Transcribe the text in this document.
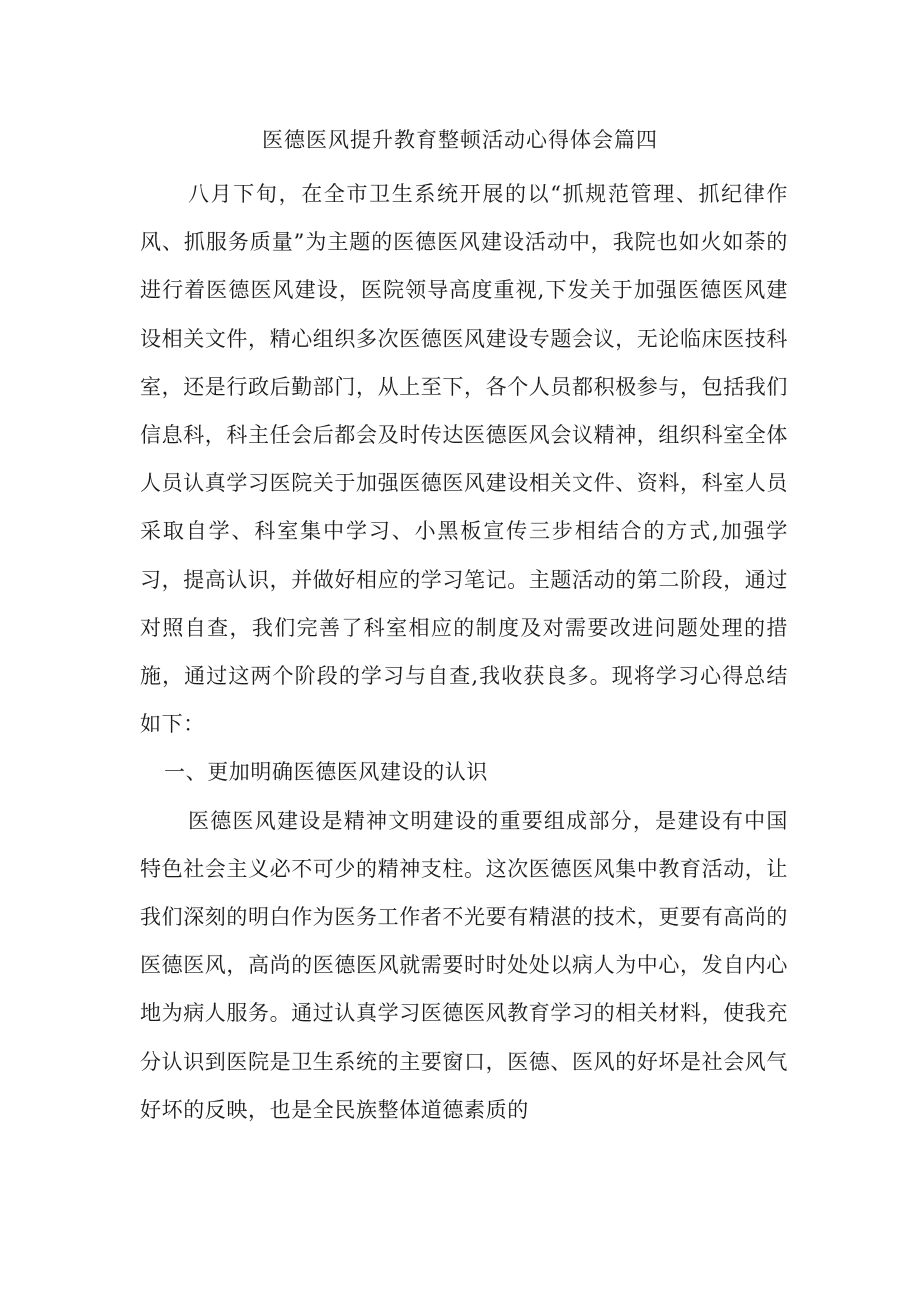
医德医风提升教育整顿活动心得体会篇四

八月下旬，在全市卫生系统开展的以“抓规范管理、抓纪律作风、抓服务质量”为主题的医德医风建设活动中，我院也如火如荼的进行着医德医风建设，医院领导高度重视,下发关于加强医德医风建设相关文件，精心组织多次医德医风建设专题会议，无论临床医技科室，还是行政后勤部门，从上至下，各个人员都积极参与，包括我们信息科，科主任会后都会及时传达医德医风会议精神，组织科室全体人员认真学习医院关于加强医德医风建设相关文件、资料，科室人员采取自学、科室集中学习、小黑板宣传三步相结合的方式,加强学习，提高认识，并做好相应的学习笔记。主题活动的第二阶段，通过对照自查，我们完善了科室相应的制度及对需要改进问题处理的措施，通过这两个阶段的学习与自查,我收获良多。现将学习心得总结如下：

一、更加明确医德医风建设的认识

医德医风建设是精神文明建设的重要组成部分，是建设有中国特色社会主义必不可少的精神支柱。这次医德医风集中教育活动，让我们深刻的明白作为医务工作者不光要有精湛的技术，更要有高尚的医德医风，高尚的医德医风就需要时时处处以病人为中心，发自内心地为病人服务。通过认真学习医德医风教育学习的相关材料，使我充分认识到医院是卫生系统的主要窗口，医德、医风的好坏是社会风气好坏的反映，也是全民族整体道德素质的
